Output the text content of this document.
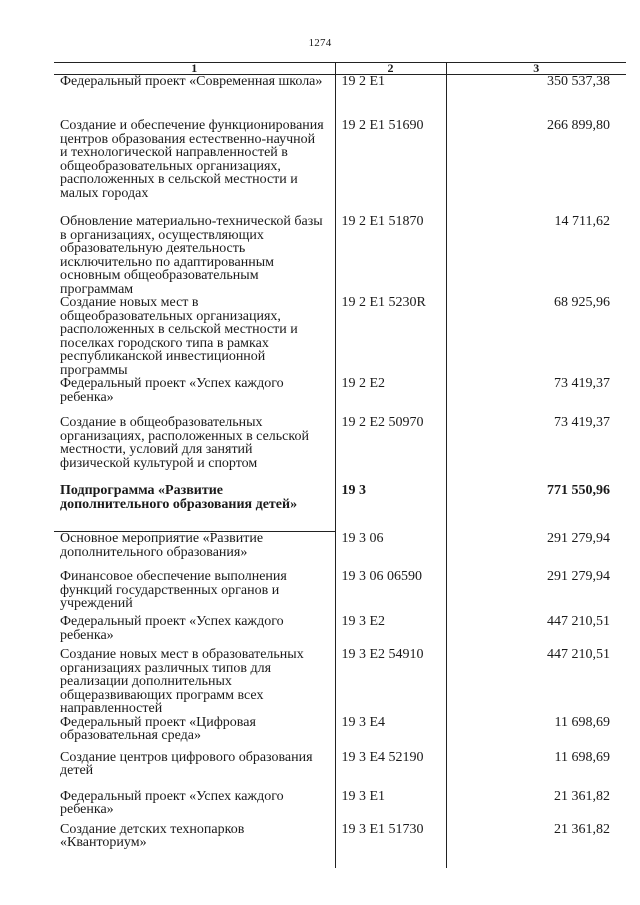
1274
1	2	3
Федеральный проект «Современная школа»	19 2 E1	350 537,38
Создание и обеспечение функционирования центров образования естественно-научной и технологической направленностей в общеобразовательных организациях, расположенных в сельской местности и малых городах	19 2 E1 51690	266 899,80
Обновление материально-технической базы в организациях, осуществляющих образовательную деятельность исключительно по адаптированным основным общеобразовательным программам	19 2 E1 51870	14 711,62
Создание новых мест в общеобразовательных организациях, расположенных в сельской местности и поселках городского типа в рамках республиканской инвестиционной программы	19 2 E1 5230R	68 925,96
Федеральный проект «Успех каждого ребенка»	19 2 E2	73 419,37
Создание в общеобразовательных организациях, расположенных в сельской местности, условий для занятий физической культурой и спортом	19 2 E2 50970	73 419,37
Подпрограмма «Развитие дополнительного образования детей»	19 3	771 550,96
Основное мероприятие «Развитие дополнительного образования»	19 3 06	291 279,94
Финансовое обеспечение выполнения функций государственных органов и учреждений	19 3 06 06590	291 279,94
Федеральный проект «Успех каждого ребенка»	19 3 E2	447 210,51
Создание новых мест в образовательных организациях различных типов для реализации дополнительных общеразвивающих программ всех направленностей	19 3 E2 54910	447 210,51
Федеральный проект «Цифровая образовательная среда»	19 3 E4	11 698,69
Создание центров цифрового образования детей	19 3 E4 52190	11 698,69
Федеральный проект «Успех каждого ребенка»	19 3 E1	21 361,82
Создание детских технопарков «Кванториум»	19 3 E1 51730	21 361,82
